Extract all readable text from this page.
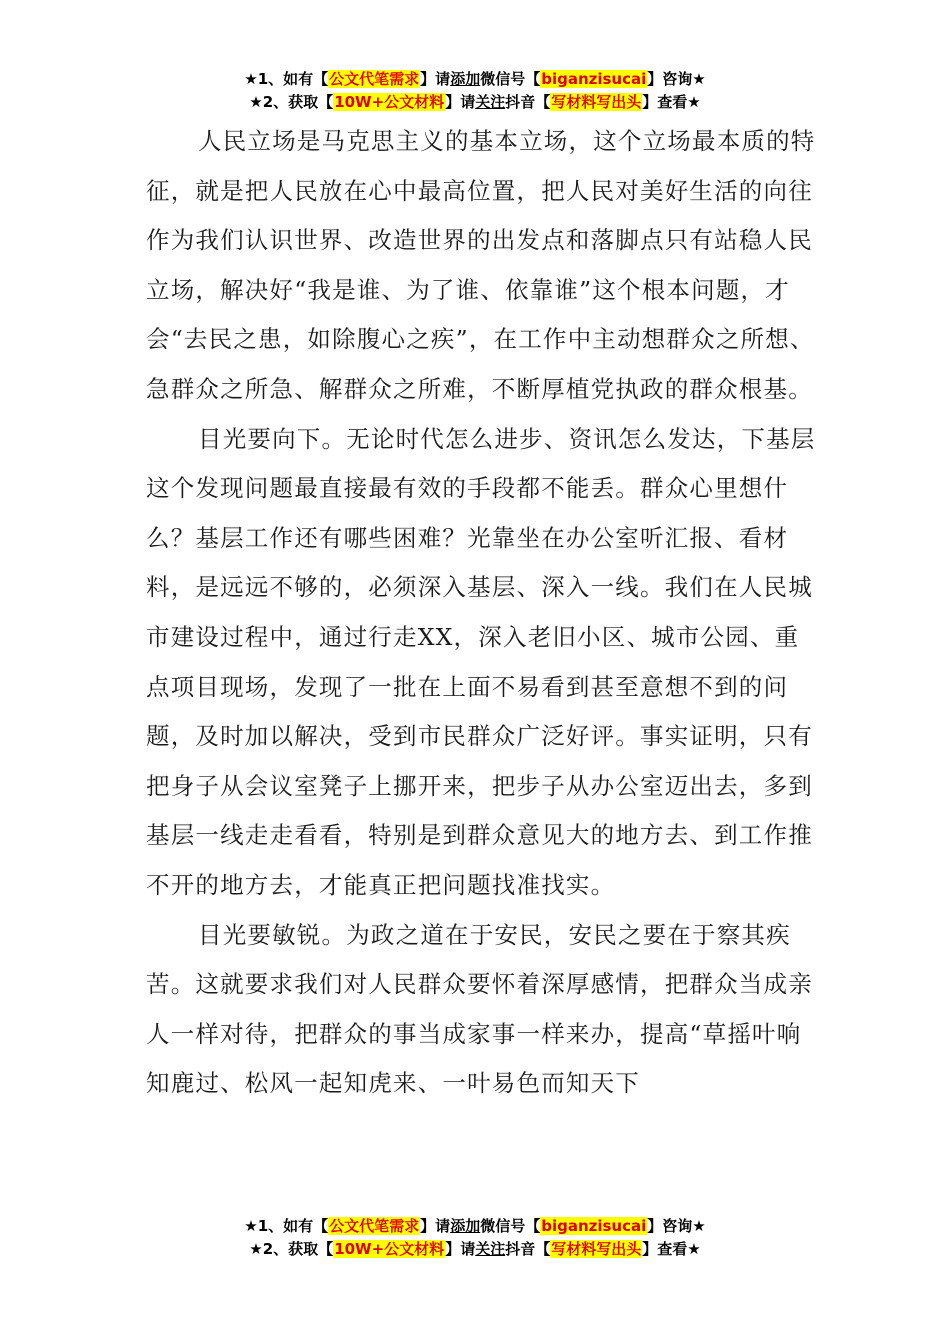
★1、如有【公文代笔需求】请添加微信号【biganzisucai】咨询★
★2、获取【10W+公文材料】请关注抖音【写材料写出头】查看★

人民立场是马克思主义的基本立场，这个立场最本质的特征，就是把人民放在心中最高位置，把人民对美好生活的向往作为我们认识世界、改造世界的出发点和落脚点只有站稳人民立场，解决好“我是谁、为了谁、依靠谁”这个根本问题，才会“去民之患，如除腹心之疾”，在工作中主动想群众之所想、急群众之所急、解群众之所难，不断厚植党执政的群众根基。

目光要向下。无论时代怎么进步、资讯怎么发达，下基层这个发现问题最直接最有效的手段都不能丢。群众心里想什么？基层工作还有哪些困难？光靠坐在办公室听汇报、看材料，是远远不够的，必须深入基层、深入一线。我们在人民城市建设过程中，通过行走XX，深入老旧小区、城市公园、重点项目现场，发现了一批在上面不易看到甚至意想不到的问题，及时加以解决，受到市民群众广泛好评。事实证明，只有把身子从会议室凳子上挪开来，把步子从办公室迈出去，多到基层一线走走看看，特别是到群众意见大的地方去、到工作推不开的地方去，才能真正把问题找准找实。

目光要敏锐。为政之道在于安民，安民之要在于察其疾苦。这就要求我们对人民群众要怀着深厚感情，把群众当成亲人一样对待，把群众的事当成家事一样来办，提高“草摇叶响知鹿过、松风一起知虎来、一叶易色而知天下

★1、如有【公文代笔需求】请添加微信号【biganzisucai】咨询★
★2、获取【10W+公文材料】请关注抖音【写材料写出头】查看★
